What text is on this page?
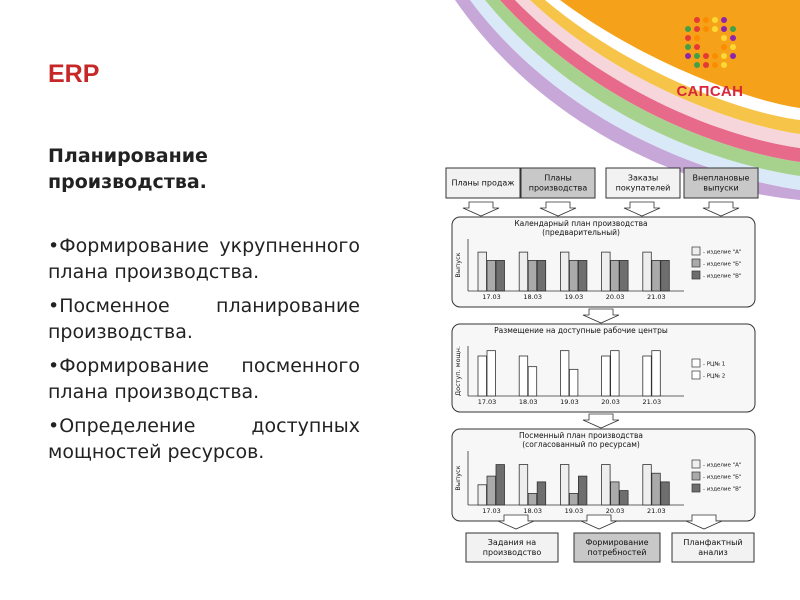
ERP
Планирование производства.
•Формирование укрупненного плана производства.
•Посменное планирование производства.
•Формирование посменного плана производства.
•Определение доступных мощностей ресурсов.
САПСАН
Планы продаж
Планы
производства
Заказы
покупателей
Внеплановые
выпуски
Календарный план производства
(предварительный)
Выпуск
17.03	18.03	19.03	20.03	21.03
- изделие "А"
- изделие "Б"
- изделие "В"
Размещение на доступные рабочие центры
Доступ. мощн.
17.03	18.03	19.03	20.03	21.03
- РЦ№ 1
- РЦ№ 2
Посменный план производства
(согласованный по ресурсам)
Выпуск
17.03	18.03	19.03	20.03	21.03
- изделие "А"
- изделие "Б"
- изделие "В"
Задания на
производство
Формирование
потребностей
Планфактный
анализ
